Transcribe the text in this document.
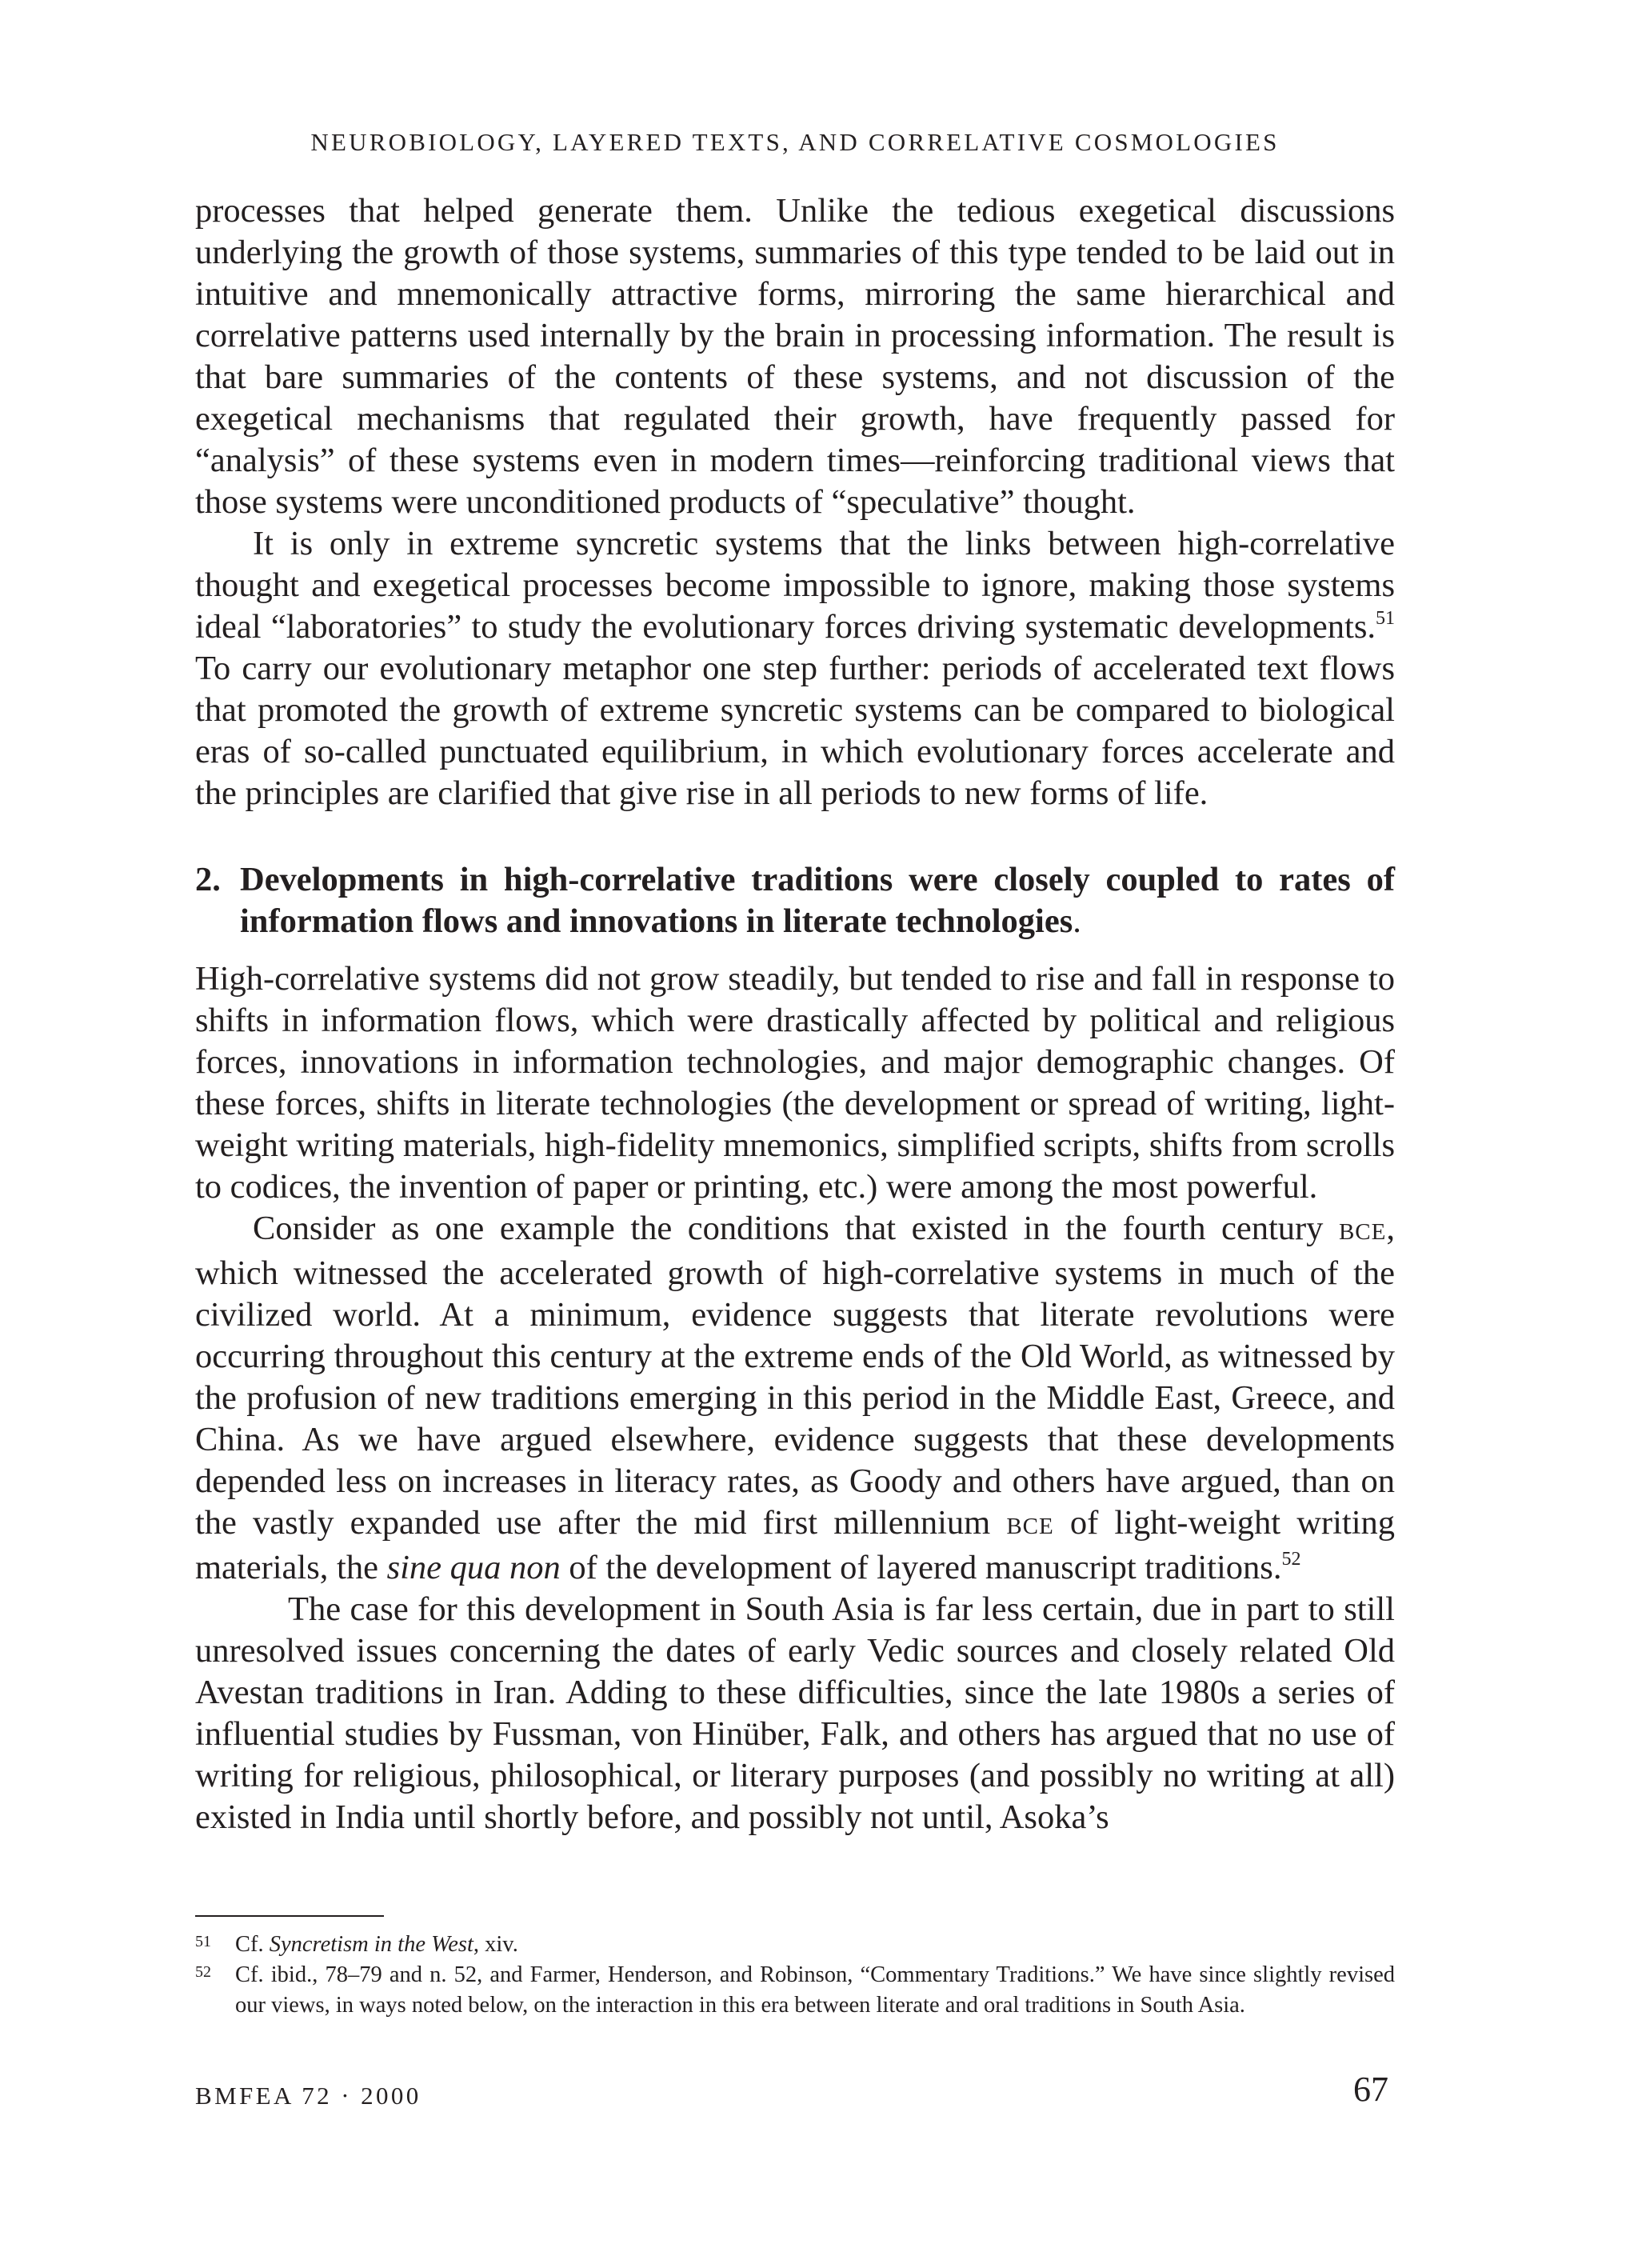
NEUROBIOLOGY, LAYERED TEXTS, AND CORRELATIVE COSMOLOGIES

processes that helped generate them. Unlike the tedious exegetical discussions underlying the growth of those systems, summaries of this type tended to be laid out in intuitive and mnemonically attractive forms, mirroring the same hierarchical and correlative patterns used internally by the brain in processing information. The result is that bare summaries of the contents of these systems, and not discussion of the exegetical mechanisms that regulated their growth, have frequently passed for “analysis” of these systems even in modern times—reinforcing traditional views that those systems were unconditioned products of “speculative” thought.

It is only in extreme syncretic systems that the links between high-correlative thought and exegetical processes become impossible to ignore, making those systems ideal “laboratories” to study the evolutionary forces driving systematic developments.$^{51}$ To carry our evolutionary metaphor one step further: periods of accelerated text flows that promoted the growth of extreme syncretic systems can be compared to biological eras of so-called punctuated equilibrium, in which evolutionary forces accelerate and the principles are clarified that give rise in all periods to new forms of life.

2. Developments in high-correlative traditions were closely coupled to rates of information flows and innovations in literate technologies.

High-correlative systems did not grow steadily, but tended to rise and fall in response to shifts in information flows, which were drastically affected by political and religious forces, innovations in information technologies, and major demographic changes. Of these forces, shifts in literate technologies (the development or spread of writing, light-weight writing materials, high-fidelity mnemonics, simplified scripts, shifts from scrolls to codices, the invention of paper or printing, etc.) were among the most powerful.

Consider as one example the conditions that existed in the fourth century BCE, which witnessed the accelerated growth of high-correlative systems in much of the civilized world. At a minimum, evidence suggests that literate revolutions were occurring throughout this century at the extreme ends of the Old World, as witnessed by the profusion of new traditions emerging in this period in the Middle East, Greece, and China. As we have argued elsewhere, evidence suggests that these developments depended less on increases in literacy rates, as Goody and others have argued, than on the vastly expanded use after the mid first millennium BCE of light-weight writing materials, the sine qua non of the development of layered manuscript traditions.$^{52}$

The case for this development in South Asia is far less certain, due in part to still unresolved issues concerning the dates of early Vedic sources and closely related Old Avestan traditions in Iran. Adding to these difficulties, since the late 1980s a series of influential studies by Fussman, von Hinüber, Falk, and others has argued that no use of writing for religious, philosophical, or literary purposes (and possibly no writing at all) existed in India until shortly before, and possibly not until, Asoka’s

51	Cf. Syncretism in the West, xiv.
52	Cf. ibid., 78–79 and n. 52, and Farmer, Henderson, and Robinson, “Commentary Traditions.” We have since slightly revised our views, in ways noted below, on the interaction in this era between literate and oral traditions in South Asia.
BMFEA 72 · 2000	67
